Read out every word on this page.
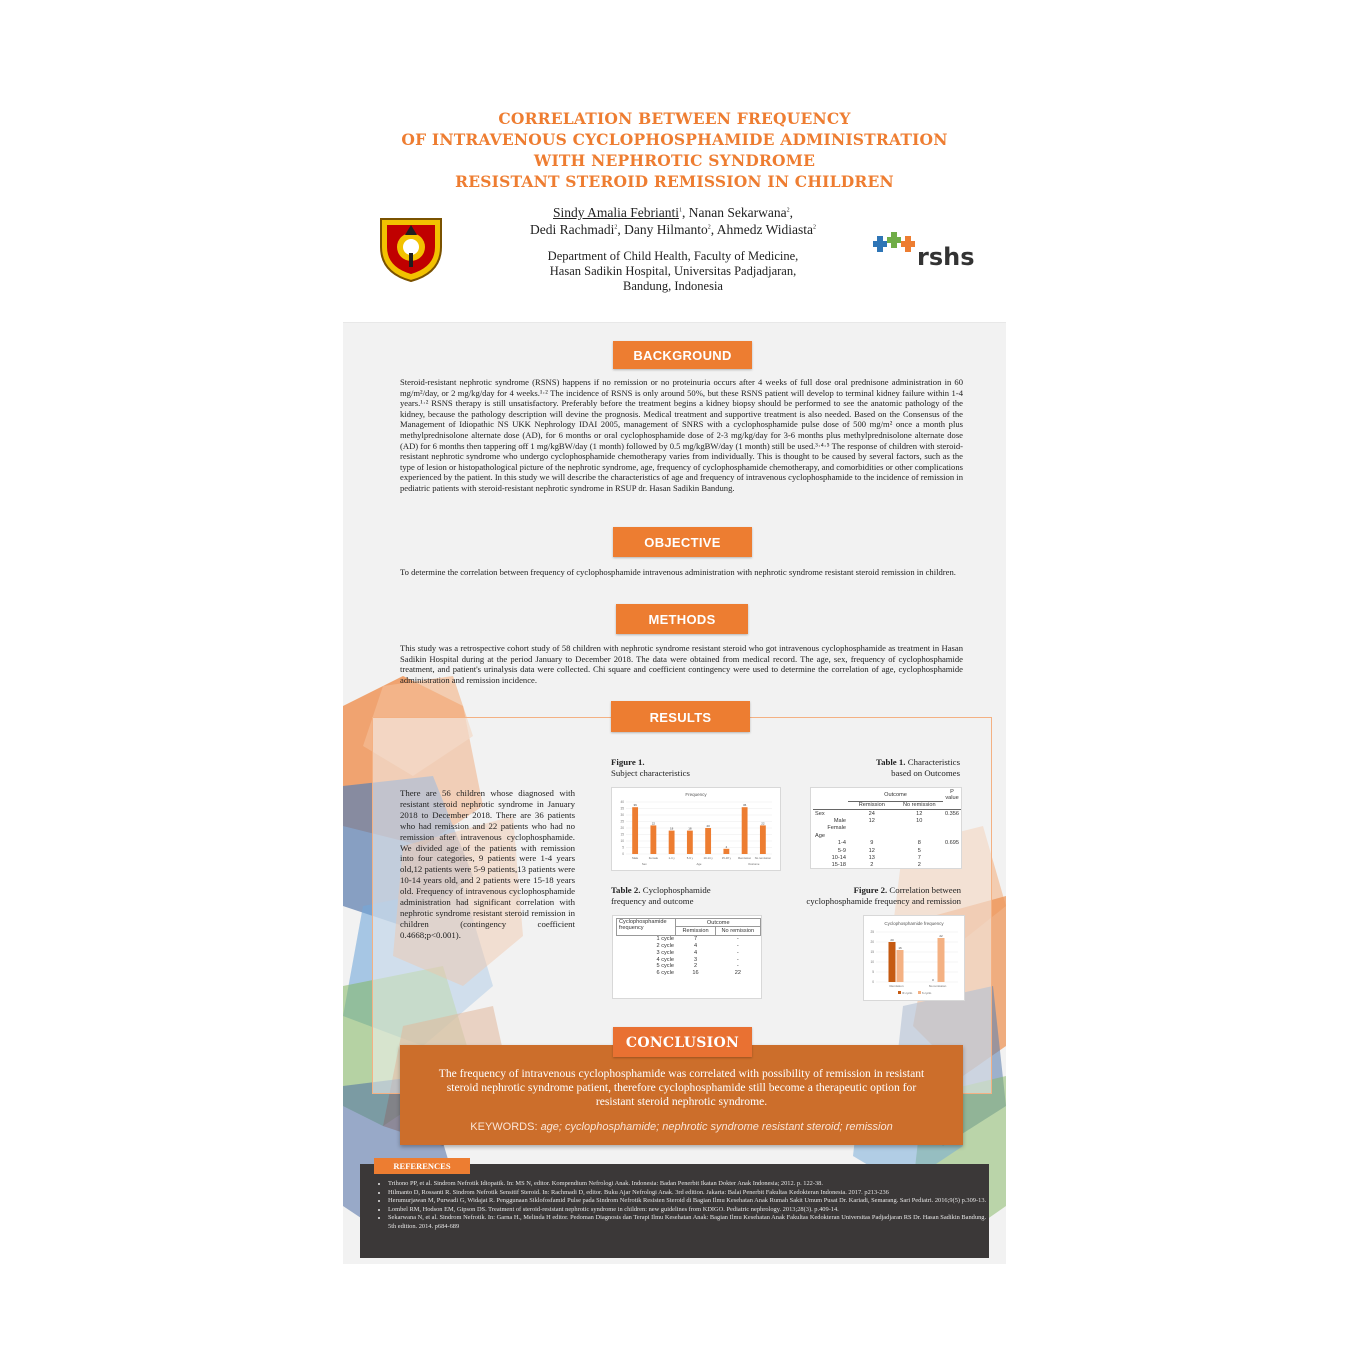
CORRELATION BETWEEN FREQUENCY
OF INTRAVENOUS CYCLOPHOSPHAMIDE ADMINISTRATION
WITH NEPHROTIC SYNDROME
RESISTANT STEROID REMISSION IN CHILDREN
Sindy Amalia Febrianti$^1$, Nanan Sekarwana$^2$,
Dedi Rachmadi$^2$, Dany Hilmanto$^2$, Ahmedz Widiasta$^2$
Department of Child Health, Faculty of Medicine,
Hasan Sadikin Hospital, Universitas Padjadjaran,
Bandung, Indonesia
rshs
BACKGROUND
Steroid-resistant nephrotic syndrome (RSNS) happens if no remission or no proteinuria occurs after 4 weeks of full dose oral prednisone administration in 60 mg/m²/day, or 2 mg/kg/day for 4 weeks.¹·² The incidence of RSNS is only around 50%, but these RSNS patient will develop to terminal kidney failure within 1-4 years.¹·² RSNS therapy is still unsatisfactory. Preferably before the treatment begins a kidney biopsy should be performed to see the anatomic pathology of the kidney, because the pathology description will devine the prognosis. Medical treatment and supportive treatment is also needed. Based on the Consensus of the Management of Idiopathic NS UKK Nephrology IDAI 2005, management of SNRS with a cyclophosphamide pulse dose of 500 mg/m² once a month plus methylprednisolone alternate dose (AD), for 6 months or oral cyclophosphamide dose of 2-3 mg/kg/day for 3-6 months plus methylprednisolone alternate dose (AD) for 6 months then tappering off 1 mg/kgBW/day (1 month) followed by 0.5 mg/kgBW/day (1 month) still be used.³·⁴·⁵ The response of children with steroid-resistant nephrotic syndrome who undergo cyclophosphamide chemotherapy varies from individually. This is thought to be caused by several factors, such as the type of lesion or histopathological picture of the nephrotic syndrome, age, frequency of cyclophosphamide chemotherapy, and comorbidities or other complications experienced by the patient. In this study we will describe the characteristics of age and frequency of intravenous cyclophosphamide to the incidence of remission in pediatric patients with steroid-resistant nephrotic syndrome in RSUP dr. Hasan Sadikin Bandung.
OBJECTIVE
To determine the correlation between frequency of cyclophosphamide intravenous administration with nephrotic syndrome resistant steroid remission in children.
METHODS
This study was a retrospective cohort study of 58 children with nephrotic syndrome resistant steroid who got intravenous cyclophosphamide as treatment in Hasan Sadikin Hospital during at the period January to December 2018. The data were obtained from medical record. The age, sex, frequency of cyclophosphamide treatment, and patient's urinalysis data were collected. Chi square and coefficient contingency were used to determine the correlation of age, cyclophosphamide administration and remission incidence.
RESULTS
There are 56 children whose diagnosed with resistant steroid nephrotic syndrome in January 2018 to December 2018. There are 36 patients who had remission and 22 patients who had no remission after intravenous cyclophosphamide. We divided age of the patients with remission into four categories, 9 patients were 1-4 years old,12 patients were 5-9 patients,13 patients were 10-14 years old, and 2 patients were 15-18 years old. Frequency of intravenous cyclophosphamide administration had significant correlation with nephrotic syndrome resistant steroid remission in children (contingency coefficient 0.4668;p<0.001).
Figure 1.
Subject characteristics
Table 1. Characteristics
based on Outcomes
Frequency
0
5
10
15
20
25
30
35
40
36
Male
22
Female
18
1-4 y
18
5-9 y
20
10-14 y
4
15-18 y
36
Remission
22
No remission
Sex	Age	Outcome
	Outcome		P value
	Remission	No remission	
Sex	24	12	0.356
Male	12	10	
Female			
Age			
1-4	9	8	0.695
5-9	12	5	
10-14	13	7	
15-18	2	2	
Table 2. Cyclophosphamide
frequency and outcome
Figure 2. Correlation between
cyclophosphamide frequency and remission
Cyclophosphamide
frequency	Outcome	
	Remission	No remission
1 cycle	7	-
2 cycle	4	-
3 cycle	4	-
4 cycle	3	-
5 cycle	2	-
6 cycle	16	22
Cyclophosphamide frequency
0
5
10
15
20
25
20
16
Remission
0
22
No remission
IF cyclo	6 cyclo
The frequency of intravenous cyclophosphamide was correlated with possibility of remission in resistant steroid nephrotic syndrome patient, therefore cyclophosphamide still become a therapeutic option for resistant steroid nephrotic syndrome.
KEYWORDS: age; cyclophosphamide; nephrotic syndrome resistant steroid; remission
CONCLUSION
REFERENCES
• Trihono PP, et al. Sindrom Nefrotik Idiopatik. In: MS N, editor. Kompendium Nefrologi Anak. Indonesia: Badan Penerbit Ikatan Dokter Anak Indonesia; 2012. p. 122-38.
• Hilmanto D, Rossanti R. Sindrom Nefrotik Sensitif Steroid. In: Rachmadi D, editor. Buku Ajar Nefrologi Anak. 3rd edition. Jakarta: Balai Penerbit Fakultas Kedokteran Indonesia. 2017. p213-236
• Herumurjawan M, Purwadi G, Widajat R. Penggunaan Siklofosfamid Pulse pada Sindrom Nefrotik Resisten Steroid di Bagian Ilmu Kesehatan Anak Rumah Sakit Umum Pusat Dr. Kariadi, Semarang. Sari Pediatri. 2016;9(5) p.309-13.
• Lombel RM, Hodson EM, Gipson DS. Treatment of steroid-resistant nephrotic syndrome in children: new guidelines from KDIGO. Pediatric nephrology. 2013;28(3). p.409-14.
• Sekarwana N, et al. Sindrom Nefrotik. In: Garna H., Melinda H editor. Pedoman Diagnosis dan Terapi Ilmu Kesehatan Anak: Bagian Ilmu Kesehatan Anak Fakultas Kedokteran Universitas Padjadjaran RS Dr. Hasan Sadikin Bandung. 5th edition. 2014. p684-689
